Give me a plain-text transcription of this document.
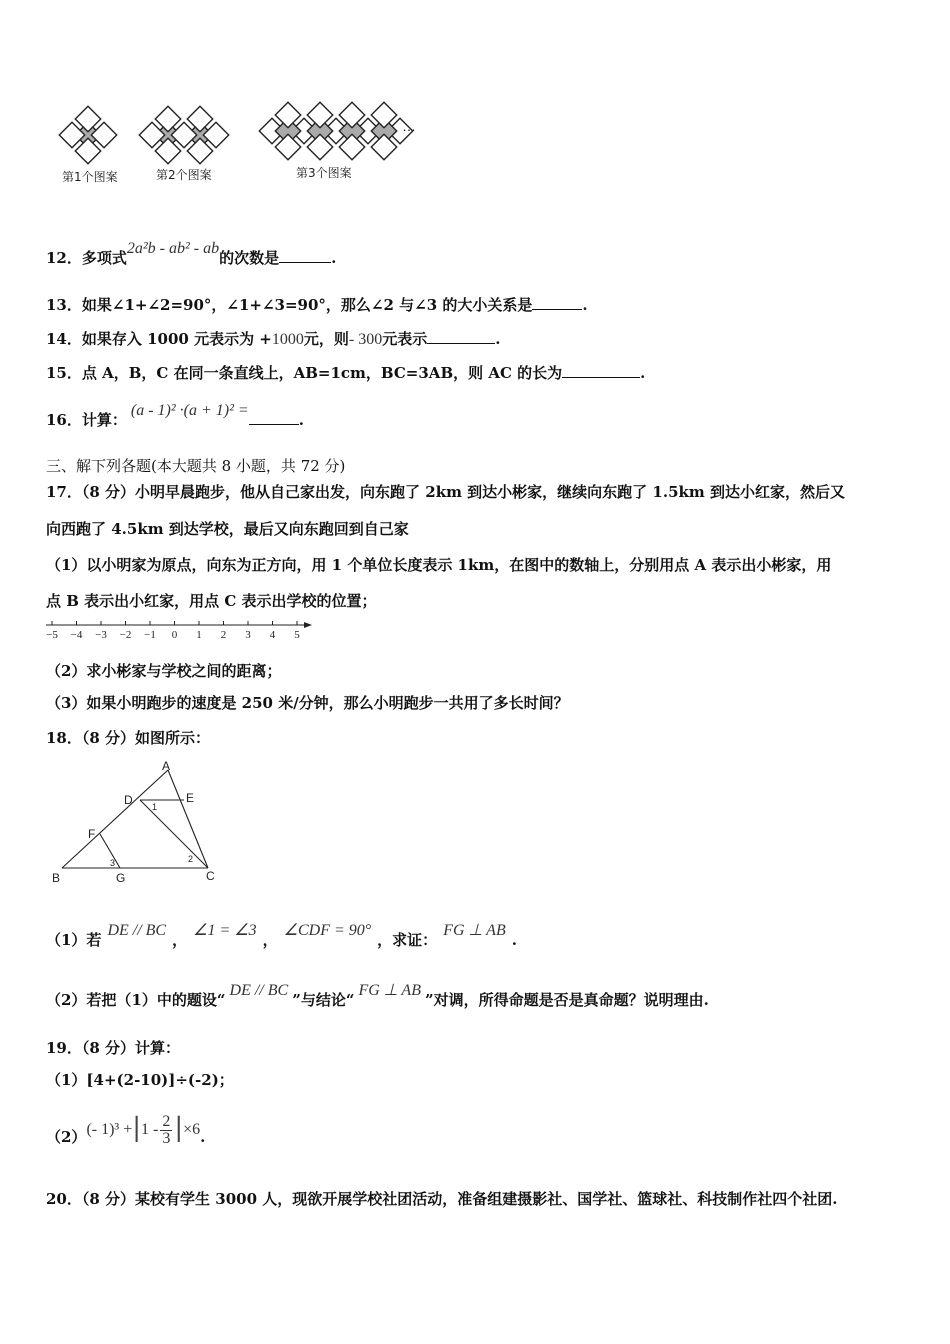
…
第1个图案	第2个图案	第3个图案
12．多项式2a²b - ab² - ab的次数是	.
13．如果∠1+∠2=90°，∠1+∠3=90°，那么∠2 与∠3 的大小关系是	.
14．如果存入 1000 元表示为 +1000元，则- 300元表示	.
15．点 A，B，C 在同一条直线上，AB=1cm，BC=3AB，则 AC 的长为	.
16．计算：(a - 1)² ·(a + 1)² =.
三、解下列各题(本大题共 8 小题，共 72 分)
17．（8 分）小明早晨跑步，他从自己家出发，向东跑了 2km 到达小彬家，继续向东跑了 1.5km 到达小红家，然后又
向西跑了 4.5km 到达学校，最后又向东跑回到自己家
（1）以小明家为原点，向东为正方向，用 1 个单位长度表示 1km，在图中的数轴上，分别用点 A 表示出小彬家，用
点 B 表示出小红家，用点 C 表示出学校的位置；
−5 −4 −3 −2 −1 0 1 2 3 4 5
（2）求小彬家与学校之间的距离；
（3）如果小明跑步的速度是 250 米/分钟，那么小明跑步一共用了多长时间？
18．（8 分）如图所示：
A
D	E
1
F
3	2
B	G	C
（1）若DE // BC，∠1 = ∠3，∠CDF = 90°，求证：FG ⊥ AB.
（2）若把（1）中的题设“DE // BC”与结论“FG ⊥ AB”对调，所得命题是否是真命题？说明理由.
19．（8 分）计算：
（1）[4+(2-10)]÷(-2)；
（2）(- $1)^3 +|1 - \frac{2}{3} |\times 6$.
20．（8 分）某校有学生 3000 人，现欲开展学校社团活动，准备组建摄影社、国学社、篮球社、科技制作社四个社团.
